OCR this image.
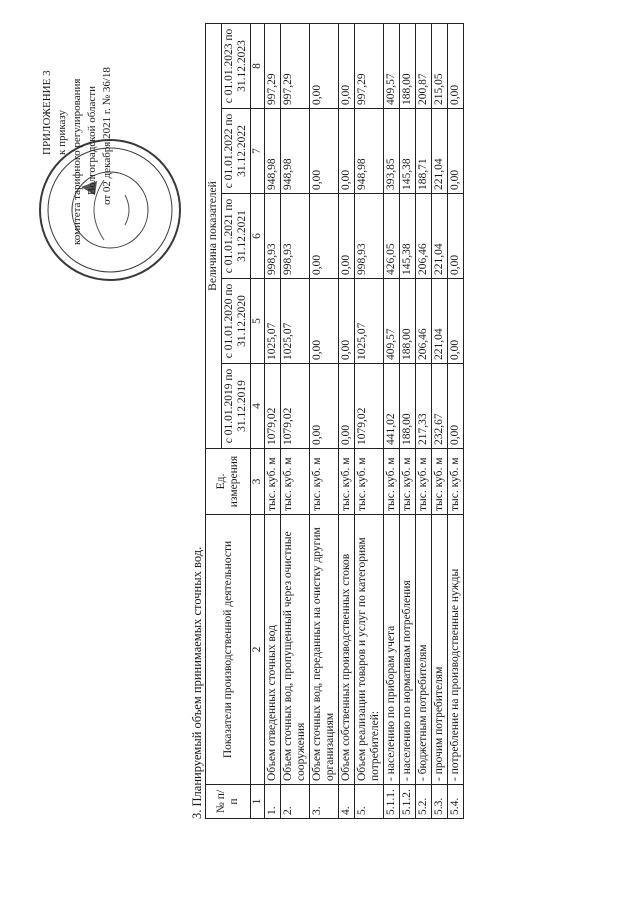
ПРИЛОЖЕНИЕ 3 к приказу комитета тарифного регулирования Волгоградской области от 02 декабря 2021 г. № 36/18
3. Планируемый объем принимаемых сточных вод. № п/п	Показатели производственной деятельности	Ед. измерения	Величина показателей				
			с 01.01.2019 по 31.12.2019	с 01.01.2020 по 31.12.2020	с 01.01.2021 по 31.12.2021	с 01.01.2022 по 31.12.2022	с 01.01.2023 по 31.12.2023
1	2	3	4	5	6	7	8
1.	Объем отведенных сточных вод	тыс. куб. м	1079,02	1025,07	998,93	948,98	997,29
2.	Объем сточных вод, пропущенный через очистные сооружения	тыс. куб. м	1079,02	1025,07	998,93	948,98	997,29
3.	Объем сточных вод, переданных на очистку другим организациям	тыс. куб. м	0,00	0,00	0,00	0,00	0,00
4.	Объем собственных производственных стоков	тыс. куб. м	0,00	0,00	0,00	0,00	0,00
5.	Объем реализации товаров и услуг по категориям потребителей:	тыс. куб. м	1079,02	1025,07	998,93	948,98	997,29
5.1.1.	- населению по приборам учета	тыс. куб. м	441,02	409,57	426,05	393,85	409,57
5.1.2.	- населению по нормативам потребления	тыс. куб. м	188,00	188,00	145,38	145,38	188,00
5.2.	- бюджетным потребителям	тыс. куб. м	217,33	206,46	206,46	188,71	200,87
5.3.	- прочим потребителям	тыс. куб. м	232,67	221,04	221,04	221,04	215,05
5.4.	- потребление на производственные нужды	тыс. куб. м	0,00	0,00	0,00	0,00	0,00
